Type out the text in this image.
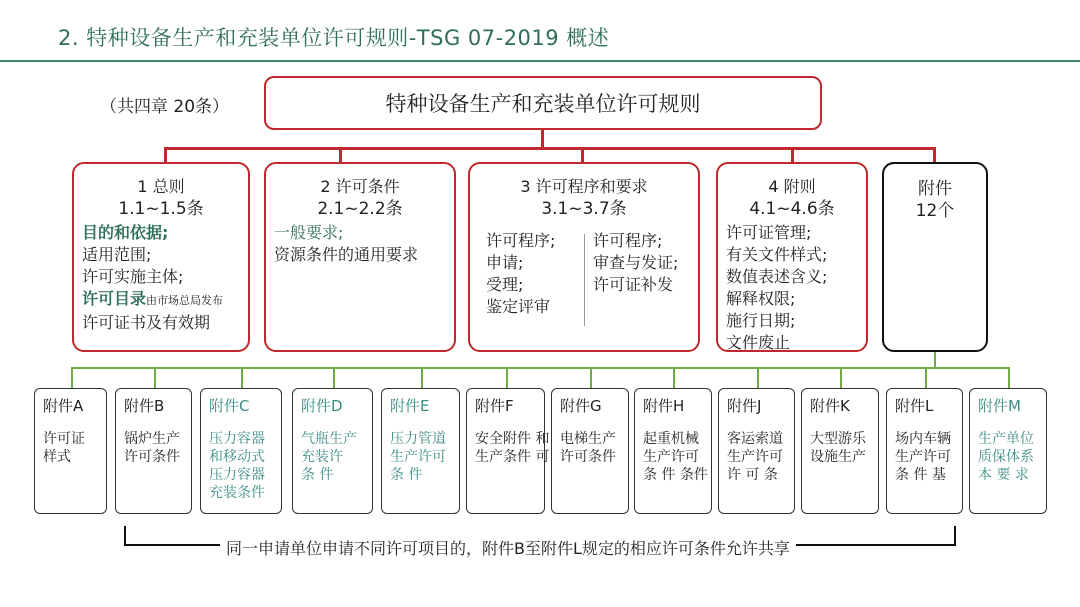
2. 特种设备生产和充装单位许可规则-TSG 07-2019 概述
（共四章 20条）	特种设备生产和充装单位许可规则
1 总则
1.1~1.5条
目的和依据;
适用范围;
许可实施主体;
许可目录由市场总局发布
许可证书及有效期
2 许可条件
2.1~2.2条
一般要求;
资源条件的通用要求
3 许可程序和要求
3.1~3.7条
许可程序;
申请;
受理;
鉴定评审
许可程序;
审查与发证;
许可证补发
4 附则
4.1~4.6条
许可证管理;
有关文件样式;
数值表述含义;
解释权限;
施行日期;
文件废止
附件
12个
附件A
许可证
样式
附件B
锅炉生产
许可条件
附件C
压力容器
和移动式
压力容器
充装条件
附件D
气瓶生产
充装许
条 件
附件E
压力管道
生产许可
条 件
附件F
安全附件 和
生产条件 可
附件G
电梯生产
许可条件
附件H
起重机械
生产许可
条 件 条件
附件J
客运索道
生产许可
许 可 条
附件K
大型游乐
设施生产
附件L
场内车辆
生产许可
条 件 基
附件M
生产单位
质保体系
本 要 求
同一申请单位申请不同许可项目的，附件B至附件L规定的相应许可条件允许共享
